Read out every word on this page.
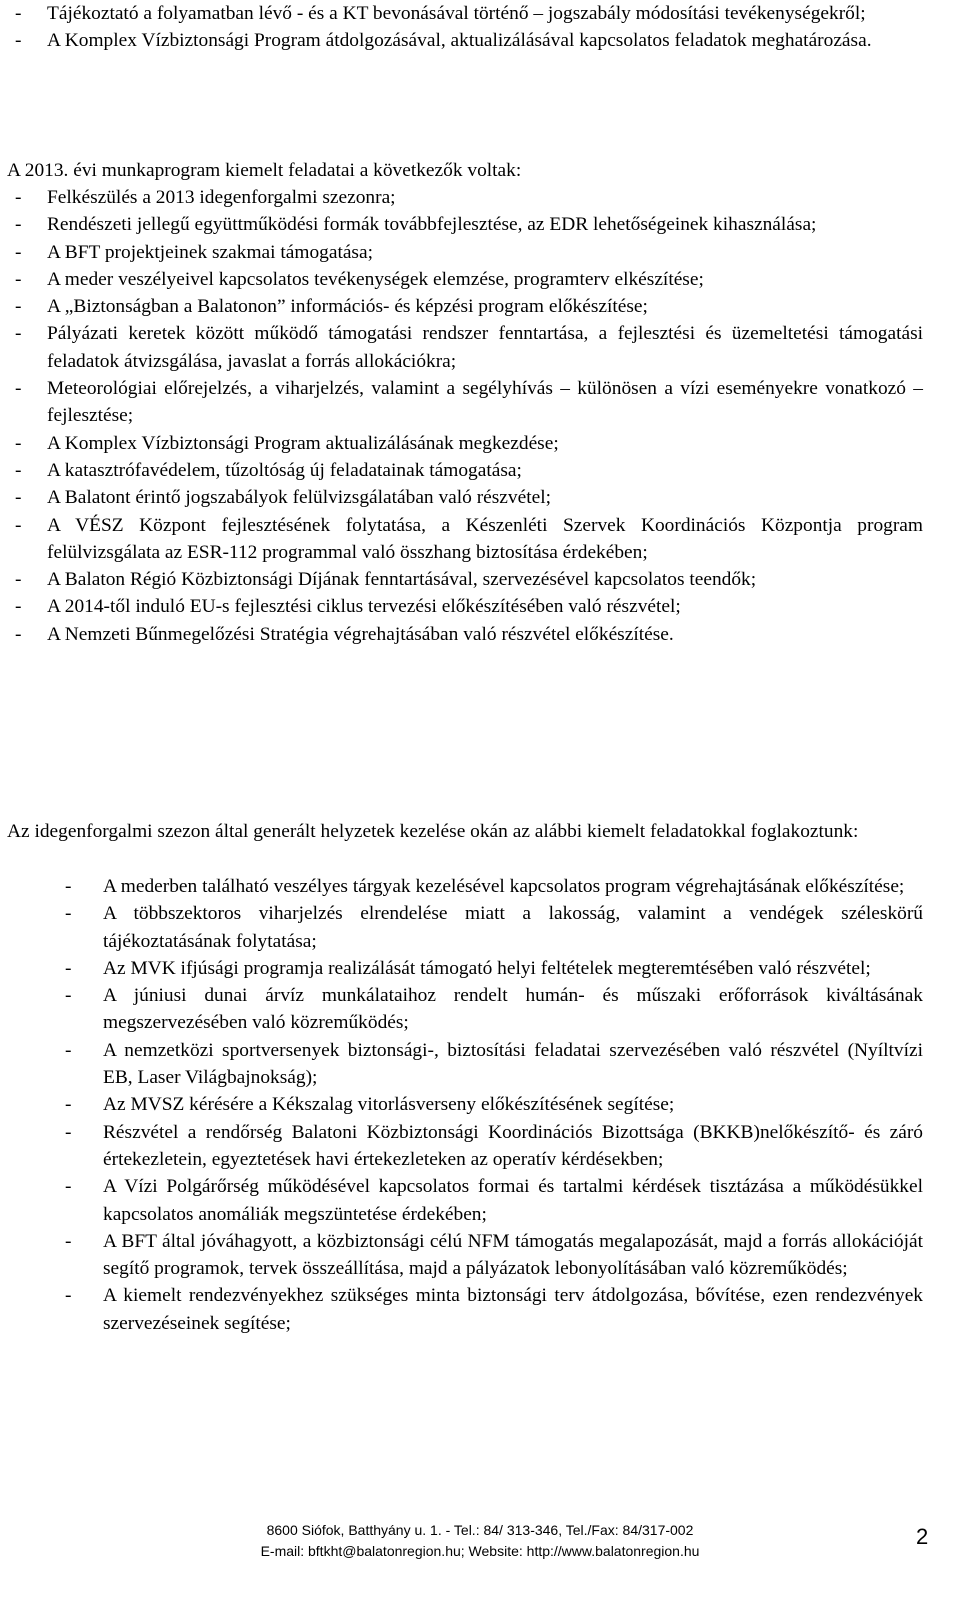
- Tájékoztató a folyamatban lévő - és a KT bevonásával történő – jogszabály módosítási tevékenységekről;
- A Komplex Vízbiztonsági Program átdolgozásával, aktualizálásával kapcsolatos feladatok meghatározása.

A 2013. évi munkaprogram kiemelt feladatai a következők voltak:

- Felkészülés a 2013 idegenforgalmi szezonra;
- Rendészeti jellegű együttműködési formák továbbfejlesztése, az EDR lehetőségeinek kihasználása;
- A BFT projektjeinek szakmai támogatása;
- A meder veszélyeivel kapcsolatos tevékenységek elemzése, programterv elkészítése;
- A „Biztonságban a Balatonon” információs- és képzési program előkészítése;
- Pályázati keretek között működő támogatási rendszer fenntartása, a fejlesztési és üzemeltetési támogatási feladatok átvizsgálása, javaslat a forrás allokációkra;
- Meteorológiai előrejelzés, a viharjelzés, valamint a segélyhívás – különösen a vízi eseményekre vonatkozó – fejlesztése;
- A Komplex Vízbiztonsági Program aktualizálásának megkezdése;
- A katasztrófavédelem, tűzoltóság új feladatainak támogatása;
- A Balatont érintő jogszabályok felülvizsgálatában való részvétel;
- A VÉSZ Központ fejlesztésének folytatása, a Készenléti Szervek Koordinációs Központja program felülvizsgálata az ESR-112 programmal való összhang biztosítása érdekében;
- A Balaton Régió Közbiztonsági Díjának fenntartásával, szervezésével kapcsolatos teendők;
- A 2014-től induló EU-s fejlesztési ciklus tervezési előkészítésében való részvétel;
- A Nemzeti Bűnmegelőzési Stratégia végrehajtásában való részvétel előkészítése.

Az idegenforgalmi szezon által generált helyzetek kezelése okán az alábbi kiemelt feladatokkal foglakoztunk:

- A mederben található veszélyes tárgyak kezelésével kapcsolatos program végrehajtásának előkészítése;
- A többszektoros viharjelzés elrendelése miatt a lakosság, valamint a vendégek széleskörű tájékoztatásának folytatása;
- Az MVK ifjúsági programja realizálását támogató helyi feltételek megteremtésében való részvétel;
- A júniusi dunai árvíz munkálataihoz rendelt humán- és műszaki erőforrások kiváltásának megszervezésében való közreműködés;
- A nemzetközi sportversenyek biztonsági-, biztosítási feladatai szervezésében való részvétel (Nyíltvízi EB, Laser Világbajnokság);
- Az MVSZ kérésére a Kékszalag vitorlásverseny előkészítésének segítése;
- Részvétel a rendőrség Balatoni Közbiztonsági Koordinációs Bizottsága (BKKB)nelőkészítő- és záró értekezletein, egyeztetések havi értekezleteken az operatív kérdésekben;
- A Vízi Polgárőrség működésével kapcsolatos formai és tartalmi kérdések tisztázása a működésükkel kapcsolatos anomáliák megszüntetése érdekében;
- A BFT által jóváhagyott, a közbiztonsági célú NFM támogatás megalapozását, majd a forrás allokációját segítő programok, tervek összeállítása, majd a pályázatok lebonyolításában való közreműködés;
- A kiemelt rendezvényekhez szükséges minta biztonsági terv átdolgozása, bővítése, ezen rendezvények szervezéseinek segítése;
8600 Siófok, Batthyány u. 1. - Tel.: 84/ 313-346, Tel./Fax: 84/317-002
E-mail: bftkht@balatonregion.hu; Website: http://www.balatonregion.hu
2
